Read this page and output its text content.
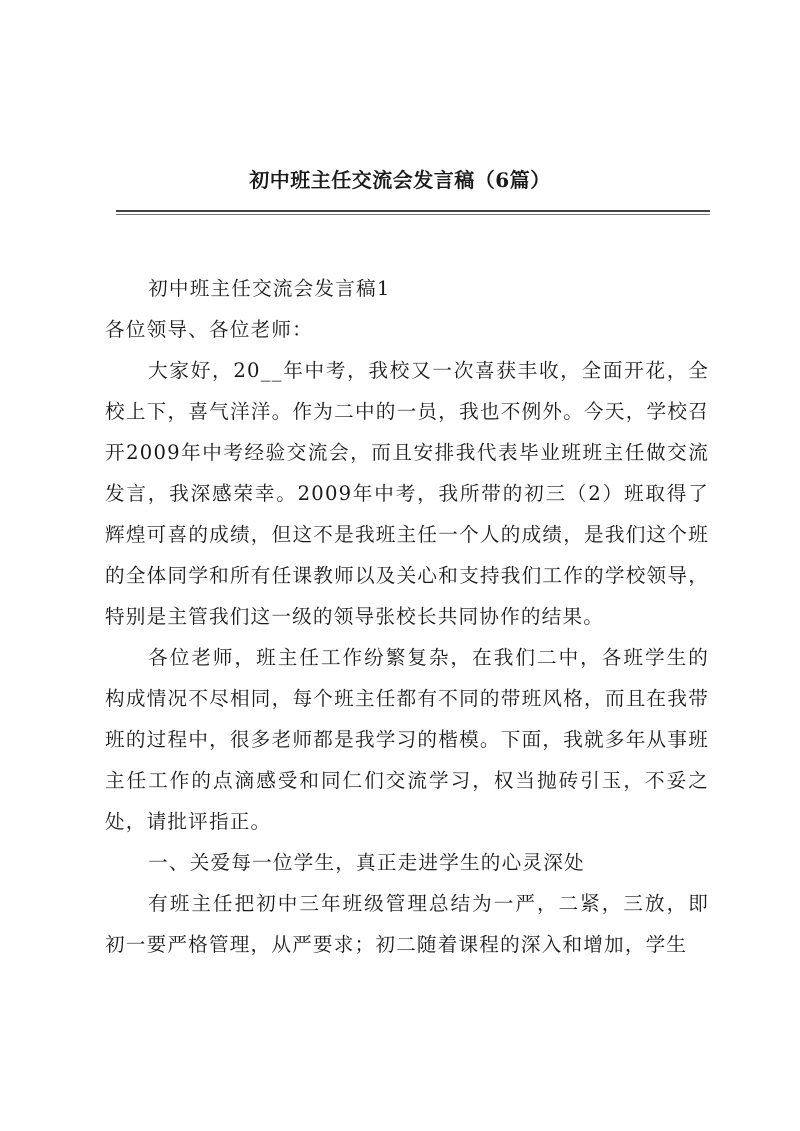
初中班主任交流会发言稿（6篇）

初中班主任交流会发言稿1

各位领导、各位老师：

大家好，20__年中考，我校又一次喜获丰收，全面开花，全校上下，喜气洋洋。作为二中的一员，我也不例外。今天，学校召开2009年中考经验交流会，而且安排我代表毕业班班主任做交流发言，我深感荣幸。2009年中考，我所带的初三（2）班取得了辉煌可喜的成绩，但这不是我班主任一个人的成绩，是我们这个班的全体同学和所有任课教师以及关心和支持我们工作的学校领导，特别是主管我们这一级的领导张校长共同协作的结果。

各位老师，班主任工作纷繁复杂，在我们二中，各班学生的构成情况不尽相同，每个班主任都有不同的带班风格，而且在我带班的过程中，很多老师都是我学习的楷模。下面，我就多年从事班主任工作的点滴感受和同仁们交流学习，权当抛砖引玉，不妥之处，请批评指正。

一、关爱每一位学生，真正走进学生的心灵深处

有班主任把初中三年班级管理总结为一严，二紧，三放，即初一要严格管理，从严要求；初二随着课程的深入和增加，学生
